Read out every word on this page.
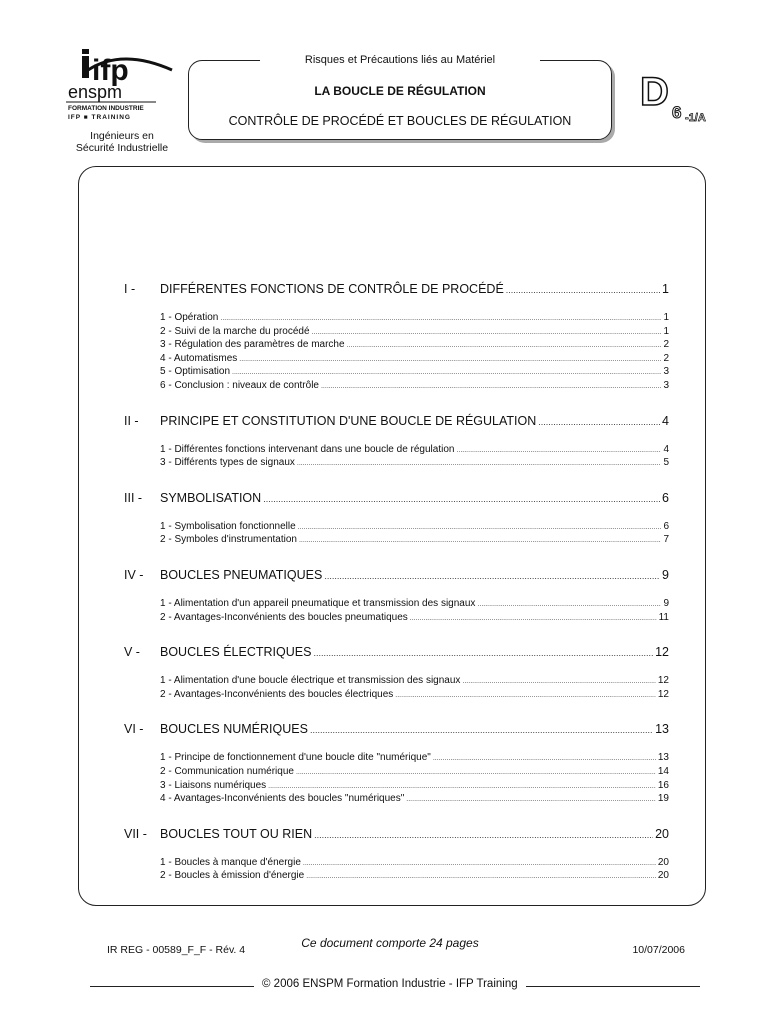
ifp
enspm
FORMATION INDUSTRIE
IFP ■ TRAINING
Ingénieurs en
Sécurité Industrielle
Risques et Précautions liés au Matériel
LA BOUCLE DE RÉGULATION
CONTRÔLE DE PROCÉDÉ ET BOUCLES DE RÉGULATION
D 6 -1/A
I -	DIFFÉRENTES FONCTIONS DE CONTRÔLE DE PROCÉDÉ .....	1
1 - Opération .....	1
2 - Suivi de la marche du procédé .....	1
3 - Régulation des paramètres de marche .....	2
4 - Automatismes .....	2
5 - Optimisation .....	3
6 - Conclusion : niveaux de contrôle .....	3
II -	PRINCIPE ET CONSTITUTION D'UNE BOUCLE DE RÉGULATION .....	4
1 - Différentes fonctions intervenant dans une boucle de régulation .....	4
3 - Différents types de signaux .....	5
III -	SYMBOLISATION .....	6
1 - Symbolisation fonctionnelle .....	6
2 - Symboles d'instrumentation .....	7
IV -	BOUCLES PNEUMATIQUES .....	9
1 - Alimentation d'un appareil pneumatique et transmission des signaux .....	9
2 - Avantages-Inconvénients des boucles pneumatiques .....	11
V -	BOUCLES ÉLECTRIQUES .....	12
1 - Alimentation d'une boucle électrique et transmission des signaux .....	12
2 - Avantages-Inconvénients des boucles électriques .....	12
VI -	BOUCLES NUMÉRIQUES .....	13
1 - Principe de fonctionnement d'une boucle dite "numérique" .....	13
2 - Communication numérique .....	14
3 - Liaisons numériques .....	16
4 - Avantages-Inconvénients des boucles "numériques" .....	19
VII -	BOUCLES TOUT OU RIEN .....	20
1 - Boucles à manque d'énergie .....	20
2 - Boucles à émission d'énergie .....	20
IR REG - 00589_F_F - Rév. 4	Ce document comporte 24 pages	10/07/2006
© 2006 ENSPM Formation Industrie - IFP Training
